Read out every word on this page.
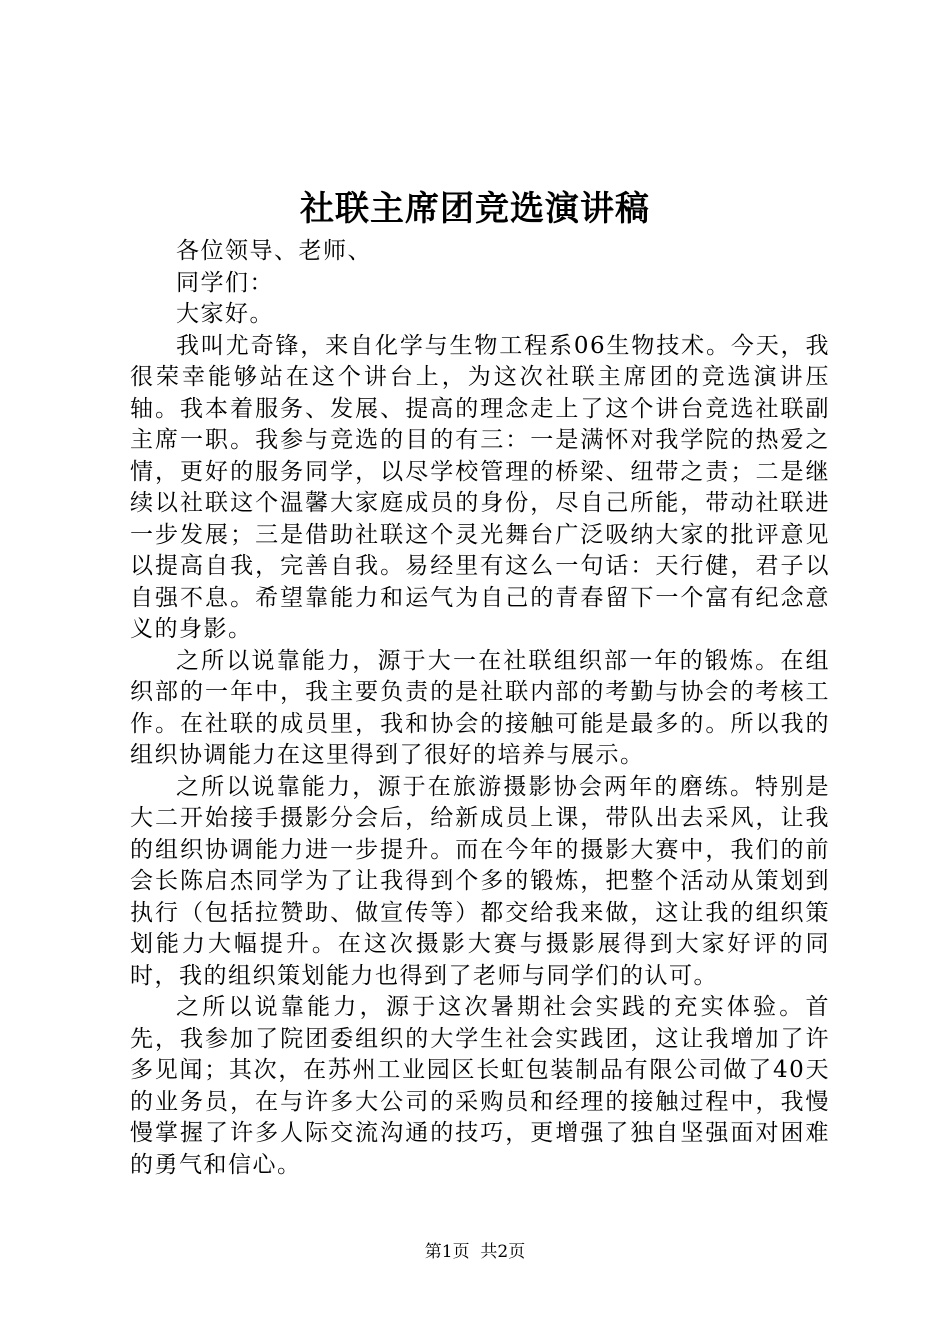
社联主席团竞选演讲稿

各位领导、老师、

同学们：

大家好。

我叫尤奇锋，来自化学与生物工程系06生物技术。今天，我很荣幸能够站在这个讲台上，为这次社联主席团的竞选演讲压轴。我本着服务、发展、提高的理念走上了这个讲台竞选社联副主席一职。我参与竞选的目的有三：一是满怀对我学院的热爱之情，更好的服务同学，以尽学校管理的桥梁、纽带之责；二是继续以社联这个温馨大家庭成员的身份，尽自己所能，带动社联进一步发展；三是借助社联这个灵光舞台广泛吸纳大家的批评意见以提高自我，完善自我。易经里有这么一句话：天行健，君子以自强不息。希望靠能力和运气为自己的青春留下一个富有纪念意义的身影。

之所以说靠能力，源于大一在社联组织部一年的锻炼。在组织部的一年中，我主要负责的是社联内部的考勤与协会的考核工作。在社联的成员里，我和协会的接触可能是最多的。所以我的组织协调能力在这里得到了很好的培养与展示。

之所以说靠能力，源于在旅游摄影协会两年的磨练。特别是大二开始接手摄影分会后，给新成员上课，带队出去采风，让我的组织协调能力进一步提升。而在今年的摄影大赛中，我们的前会长陈启杰同学为了让我得到个多的锻炼，把整个活动从策划到执行（包括拉赞助、做宣传等）都交给我来做，这让我的组织策划能力大幅提升。在这次摄影大赛与摄影展得到大家好评的同时，我的组织策划能力也得到了老师与同学们的认可。

之所以说靠能力，源于这次暑期社会实践的充实体验。首先，我参加了院团委组织的大学生社会实践团，这让我增加了许多见闻；其次，在苏州工业园区长虹包装制品有限公司做了40天的业务员，在与许多大公司的采购员和经理的接触过程中，我慢慢掌握了许多人际交流沟通的技巧，更增强了独自坚强面对困难的勇气和信心。

第1页 共2页
